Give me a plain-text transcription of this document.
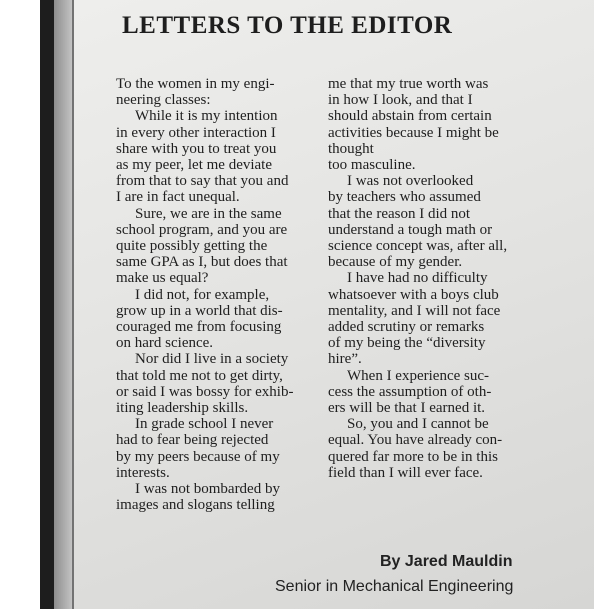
LETTERS TO THE EDITOR
To the women in my engi-
neering classes:
While it is my intention
in every other interaction I
share with you to treat you
as my peer, let me deviate
from that to say that you and
I are in fact unequal.
Sure, we are in the same
school program, and you are
quite possibly getting the
same GPA as I, but does that
make us equal?
I did not, for example,
grow up in a world that dis-
couraged me from focusing
on hard science.
Nor did I live in a society
that told me not to get dirty,
or said I was bossy for exhib-
iting leadership skills.
In grade school I never
had to fear being rejected
by my peers because of my
interests.
I was not bombarded by
images and slogans telling
me that my true worth was
in how I look, and that I
should abstain from certain
activities because I might be
thought
too masculine.
I was not overlooked
by teachers who assumed
that the reason I did not
understand a tough math or
science concept was, after all,
because of my gender.
I have had no difficulty
whatsoever with a boys club
mentality, and I will not face
added scrutiny or remarks
of my being the “diversity
hire”.
When I experience suc-
cess the assumption of oth-
ers will be that I earned it.
So, you and I cannot be
equal. You have already con-
quered far more to be in this
field than I will ever face.
By Jared Mauldin
Senior in Mechanical Engineering
